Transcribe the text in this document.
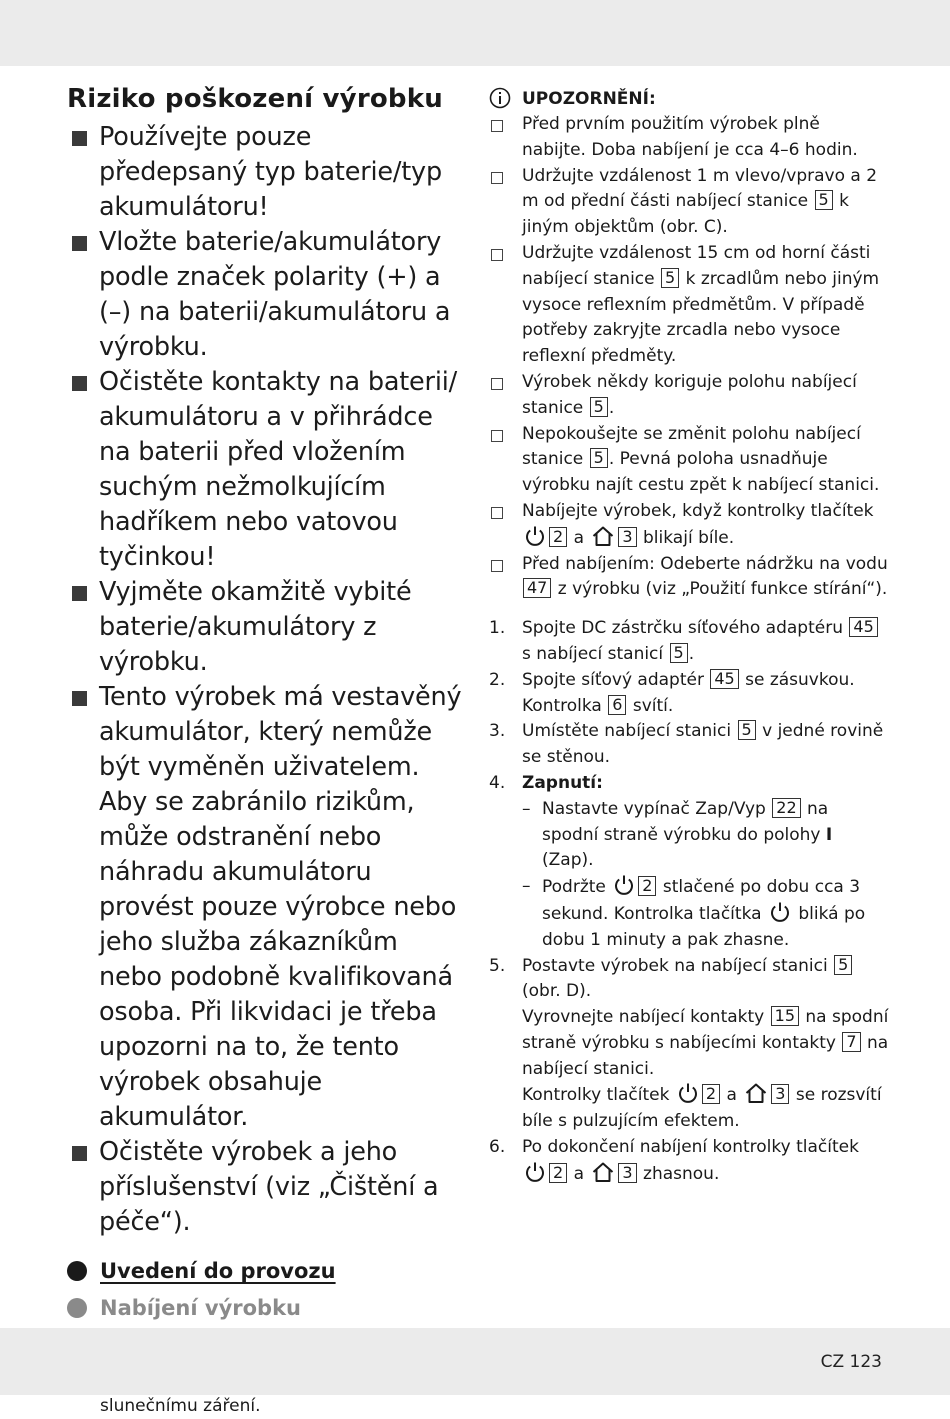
Riziko poškození výrobku
Používejte pouze předepsaný typ baterie/typ akumulátoru!
Vložte baterie/akumulátory podle značek polarity (+) a (–) na baterii/akumulátoru a výrobku.
Očistěte kontakty na baterii/ akumulátoru a v přihrádce na baterii před vložením suchým nežmolkujícím hadříkem nebo vatovou tyčinkou!
Vyjměte okamžitě vybité baterie/akumulátory z výrobku.
Tento výrobek má vestavěný akumulátor, který nemůže být vyměněn uživatelem. Aby se zabránilo rizikům, může odstranění nebo náhradu akumulátoru provést pouze výrobce nebo jeho služba zákazníkům nebo podobně kvalifikovaná osoba. Při likvidaci je třeba upozorni na to, že tento výrobek obsahuje akumulátor.
Očistěte výrobek a jeho příslušenství (viz „Čištění a péče“).
Uvedení do provozu
Nabíjení výrobku
slunečnímu záření.
UPOZORNĚNÍ:
Před prvním použitím výrobek plně nabijte. Doba nabíjení je cca 4–6 hodin.
Udržujte vzdálenost 1 m vlevo/vpravo a 2 m od přední části nabíjecí stanice 5 k jiným objektům (obr. C).
Udržujte vzdálenost 15 cm od horní části nabíjecí stanice 5 k zrcadlům nebo jiným vysoce reflexním předmětům. V případě potřeby zakryjte zrcadla nebo vysoce reflexní předměty.
Výrobek někdy koriguje polohu nabíjecí stanice 5 .
Nepokoušejte se změnit polohu nabíjecí stanice 5 . Pevná poloha usnadňuje výrobku najít cestu zpět k nabíjecí stanici.
Nabíjejte výrobek, když kontrolky tlačítek 2 a 3 blikají bíle.
Před nabíjením: Odeberte nádržku na vodu 47 z výrobku (viz „Použití funkce stírání“).
1. Spojte DC zástrčku síťového adaptéru 45 s nabíjecí stanicí 5 .
2. Spojte síťový adaptér 45 se zásuvkou. Kontrolka 6 svítí.
3. Umístěte nabíjecí stanici 5 v jedné rovině se stěnou.
4. Zapnutí:
– Nastavte vypínač Zap/Vyp 22 na spodní straně výrobku do polohy I (Zap).
– Podržte 2 stlačené po dobu cca 3 sekund. Kontrolka tlačítka bliká po dobu 1 minuty a pak zhasne.
5. Postavte výrobek na nabíjecí stanici 5 (obr. D).
Vyrovnejte nabíjecí kontakty 15 na spodní straně výrobku s nabíjecími kontakty 7 na nabíjecí stanici.
Kontrolky tlačítek 2 a 3 se rozsvítí bíle s pulzujícím efektem.
6. Po dokončení nabíjení kontrolky tlačítek
2 a 3 zhasnou.
CZ 123
